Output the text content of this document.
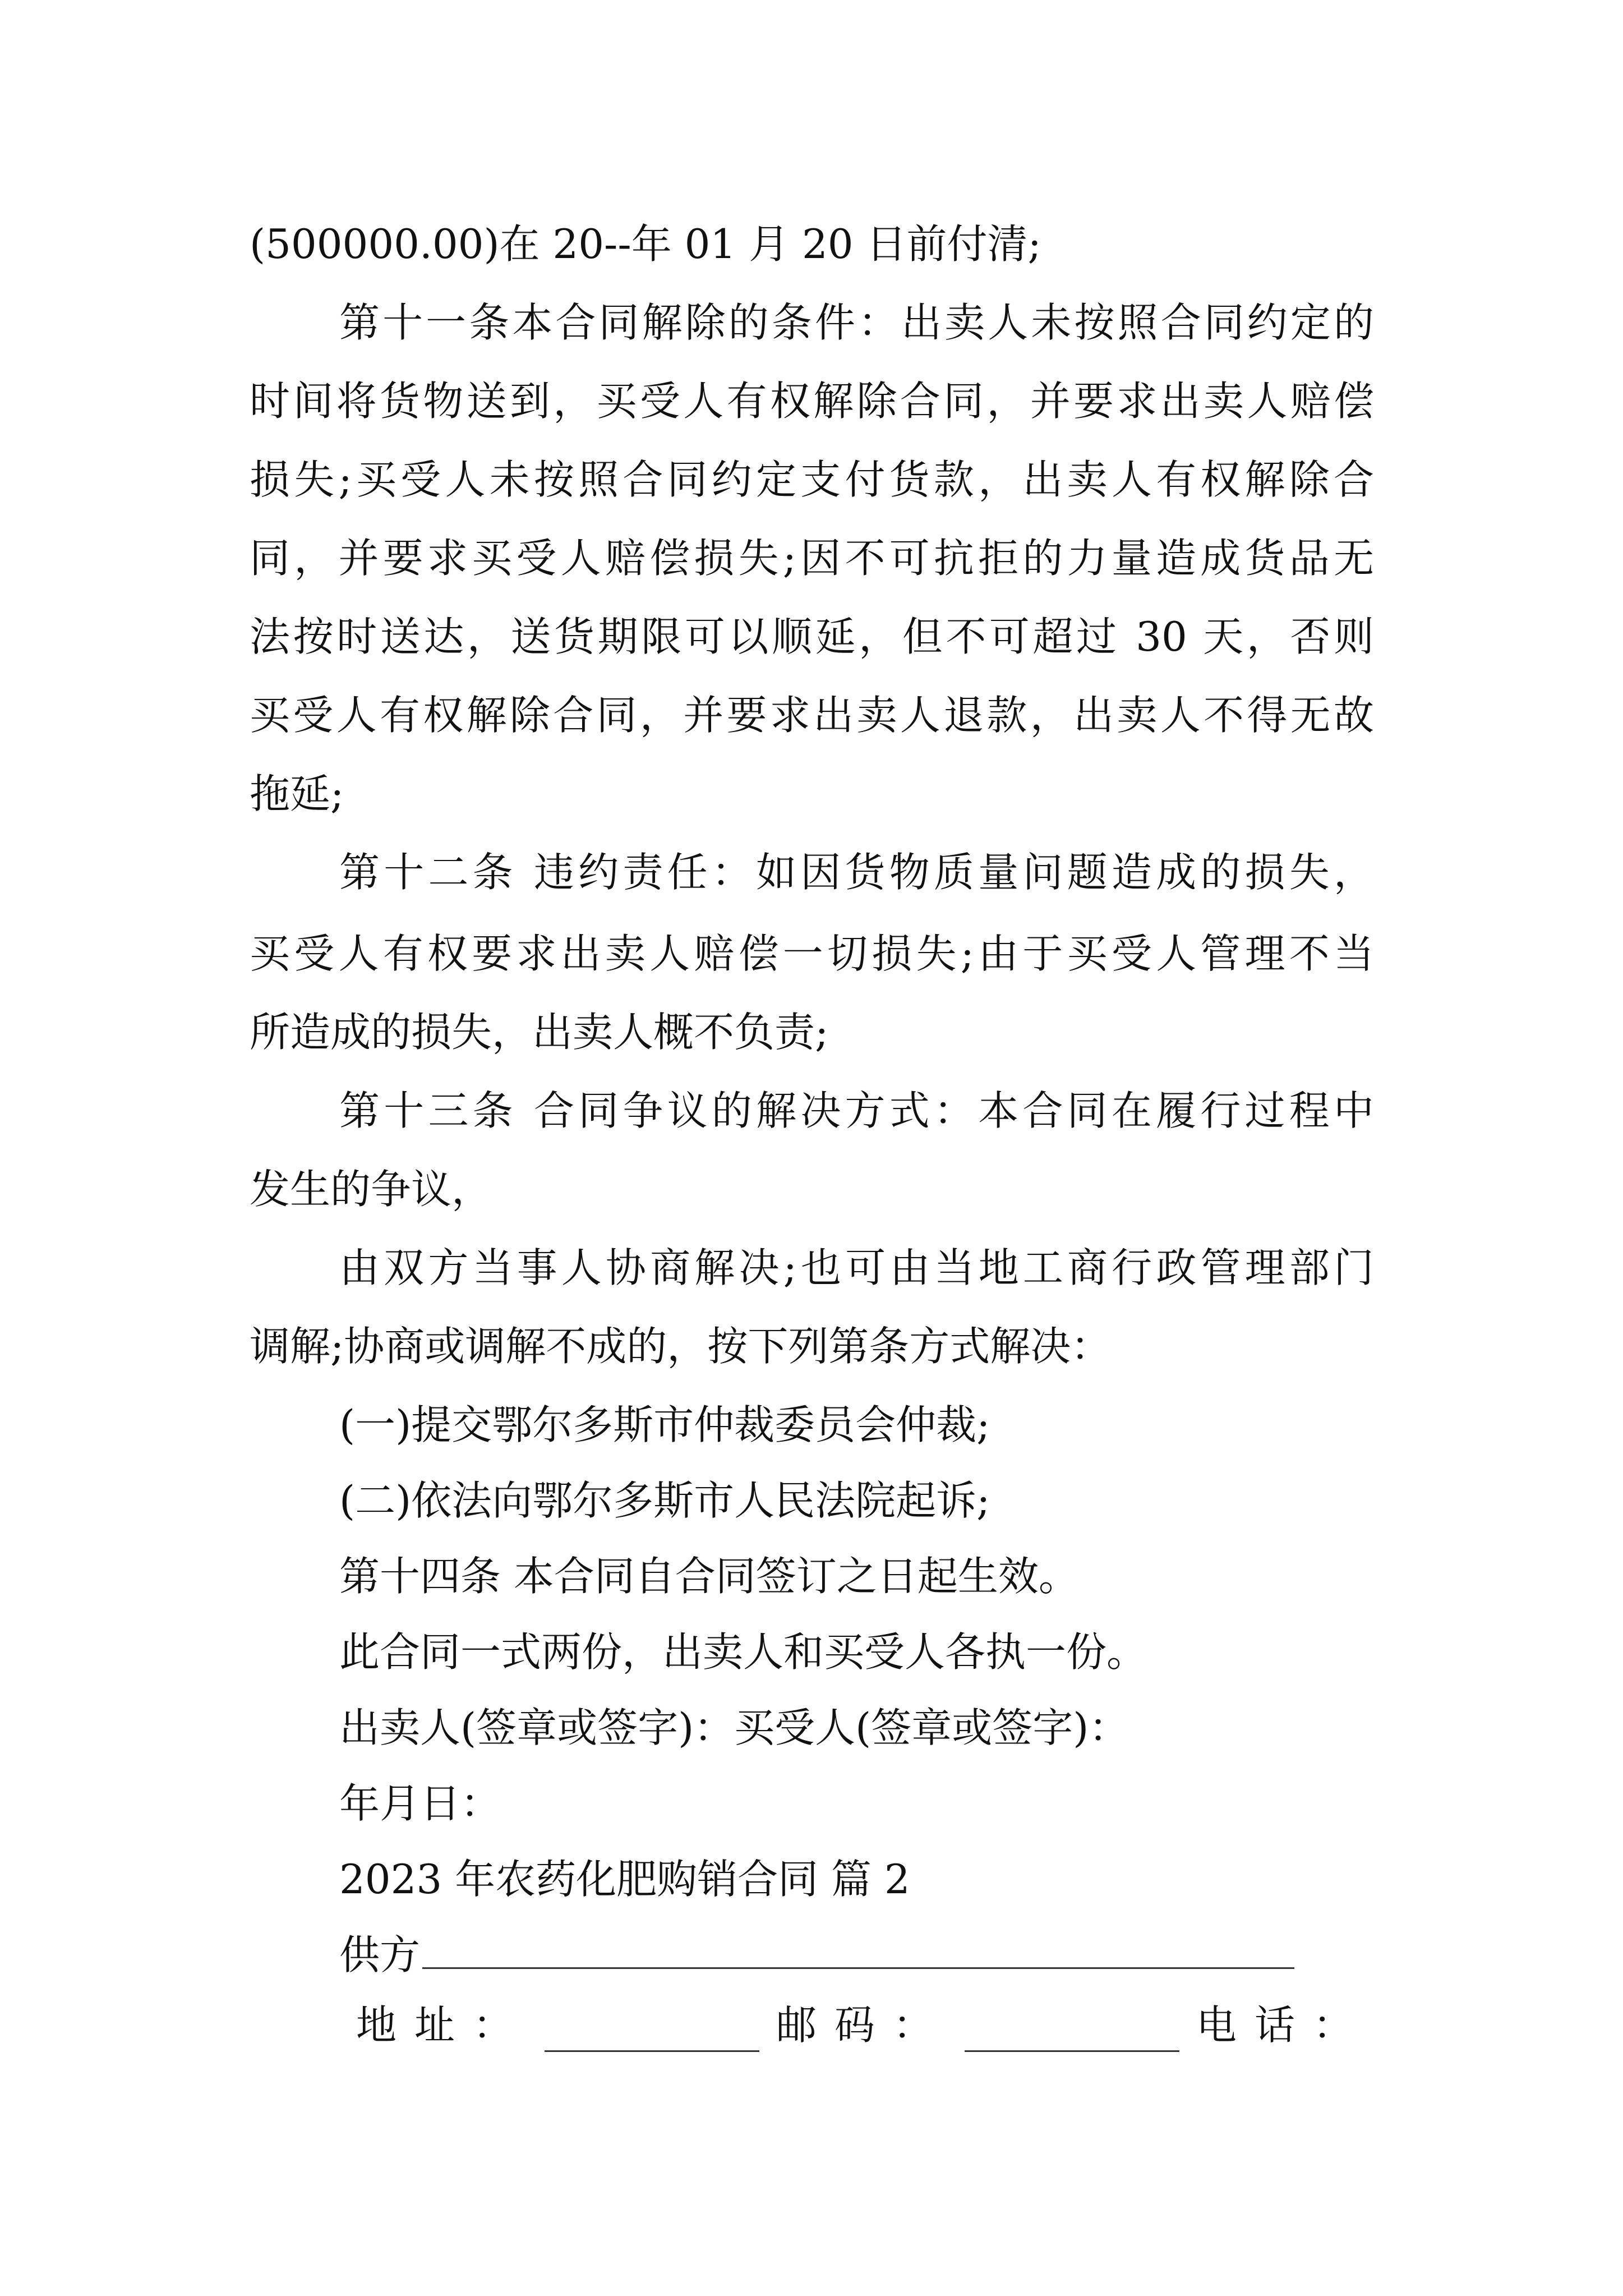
(500000.00)在 20--年 01 月 20 日前付清;
第十一条本合同解除的条件：出卖人未按照合同约定的
时间将货物送到，买受人有权解除合同，并要求出卖人赔偿
损失;买受人未按照合同约定支付货款，出卖人有权解除合
同，并要求买受人赔偿损失;因不可抗拒的力量造成货品无
法按时送达，送货期限可以顺延，但不可超过 30 天，否则
买受人有权解除合同，并要求出卖人退款，出卖人不得无故
拖延;
第十二条 违约责任：如因货物质量问题造成的损失，
买受人有权要求出卖人赔偿一切损失;由于买受人管理不当
所造成的损失，出卖人概不负责;
第十三条 合同争议的解决方式：本合同在履行过程中
发生的争议，
由双方当事人协商解决;也可由当地工商行政管理部门
调解;协商或调解不成的，按下列第条方式解决：
(一)提交鄂尔多斯市仲裁委员会仲裁;
(二)依法向鄂尔多斯市人民法院起诉;
第十四条 本合同自合同签订之日起生效。
此合同一式两份，出卖人和买受人各执一份。
出卖人(签章或签字)：买受人(签章或签字)：
年月日：
2023 年农药化肥购销合同 篇 2
供方
地址：	邮码：	电话：
